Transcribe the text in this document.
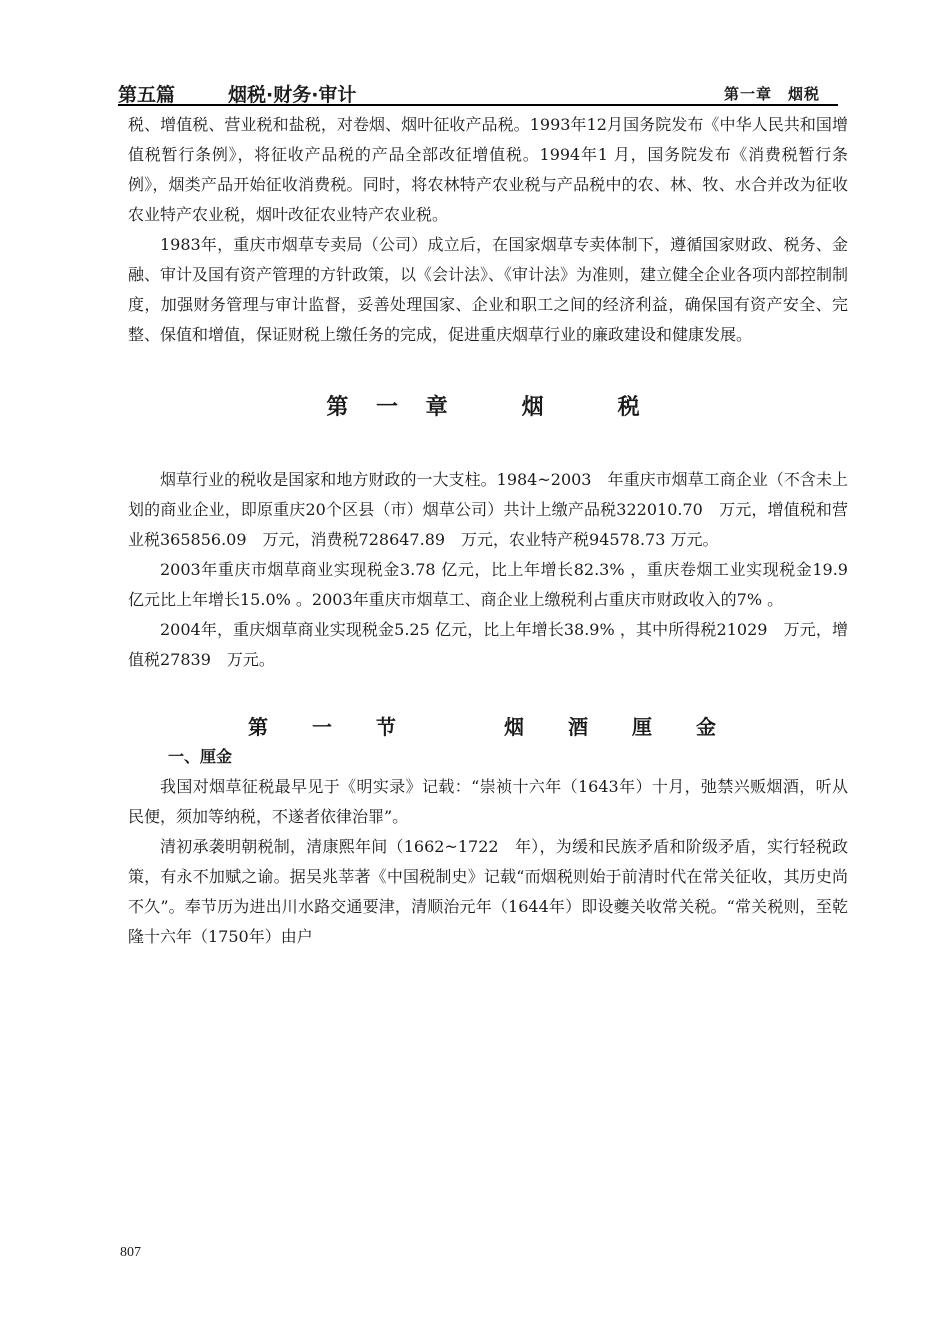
第五篇	烟税·财务·审计	第一章　烟税

税、增值税、营业税和盐税，对卷烟、烟叶征收产品税。1993年12月国务院发布《中华人民共和国增值税暂行条例》，将征收产品税的产品全部改征增值税。1994年1 月，国务院发布《消费税暂行条例》，烟类产品开始征收消费税。同时，将农林特产农业税与产品税中的农、林、牧、水合并改为征收农业特产农业税，烟叶改征农业特产农业税。

1983年，重庆市烟草专卖局（公司）成立后，在国家烟草专卖体制下，遵循国家财政、税务、金融、审计及国有资产管理的方针政策，以《会计法》、《审计法》为准则，建立健全企业各项内部控制制度，加强财务管理与审计监督，妥善处理国家、企业和职工之间的经济利益，确保国有资产安全、完整、保值和增值，保证财税上缴任务的完成，促进重庆烟草行业的廉政建设和健康发展。

第 一 章　　烟　　税

烟草行业的税收是国家和地方财政的一大支柱。1984~2003　年重庆市烟草工商企业（不含未上划的商业企业，即原重庆20个区县（市）烟草公司）共计上缴产品税322010.70　万元，增值税和营业税365856.09　万元，消费税728647.89　万元，农业特产税94578.73 万元。

2003年重庆市烟草商业实现税金3.78 亿元，比上年增长82.3% ，重庆卷烟工业实现税金19.9 亿元比上年增长15.0% 。2003年重庆市烟草工、商企业上缴税利占重庆市财政收入的7% 。

2004年，重庆烟草商业实现税金5.25 亿元，比上年增长38.9% ，其中所得税21029　万元，增值税27839　万元。

第　一　节　　　烟　酒　厘　金
一、厘金

我国对烟草征税最早见于《明实录》记载：“崇祯十六年（1643年）十月，弛禁兴贩烟酒，听从民便，须加等纳税，不遂者依律治罪”。

清初承袭明朝税制，清康熙年间（1662~1722　年），为缓和民族矛盾和阶级矛盾，实行轻税政策，有永不加赋之谕。据吴兆莘著《中国税制史》记载“而烟税则始于前清时代在常关征收，其历史尚不久”。奉节历为进出川水路交通要津，清顺治元年（1644年）即设夔关收常关税。“常关税则，至乾隆十六年（1750年）由户

807
